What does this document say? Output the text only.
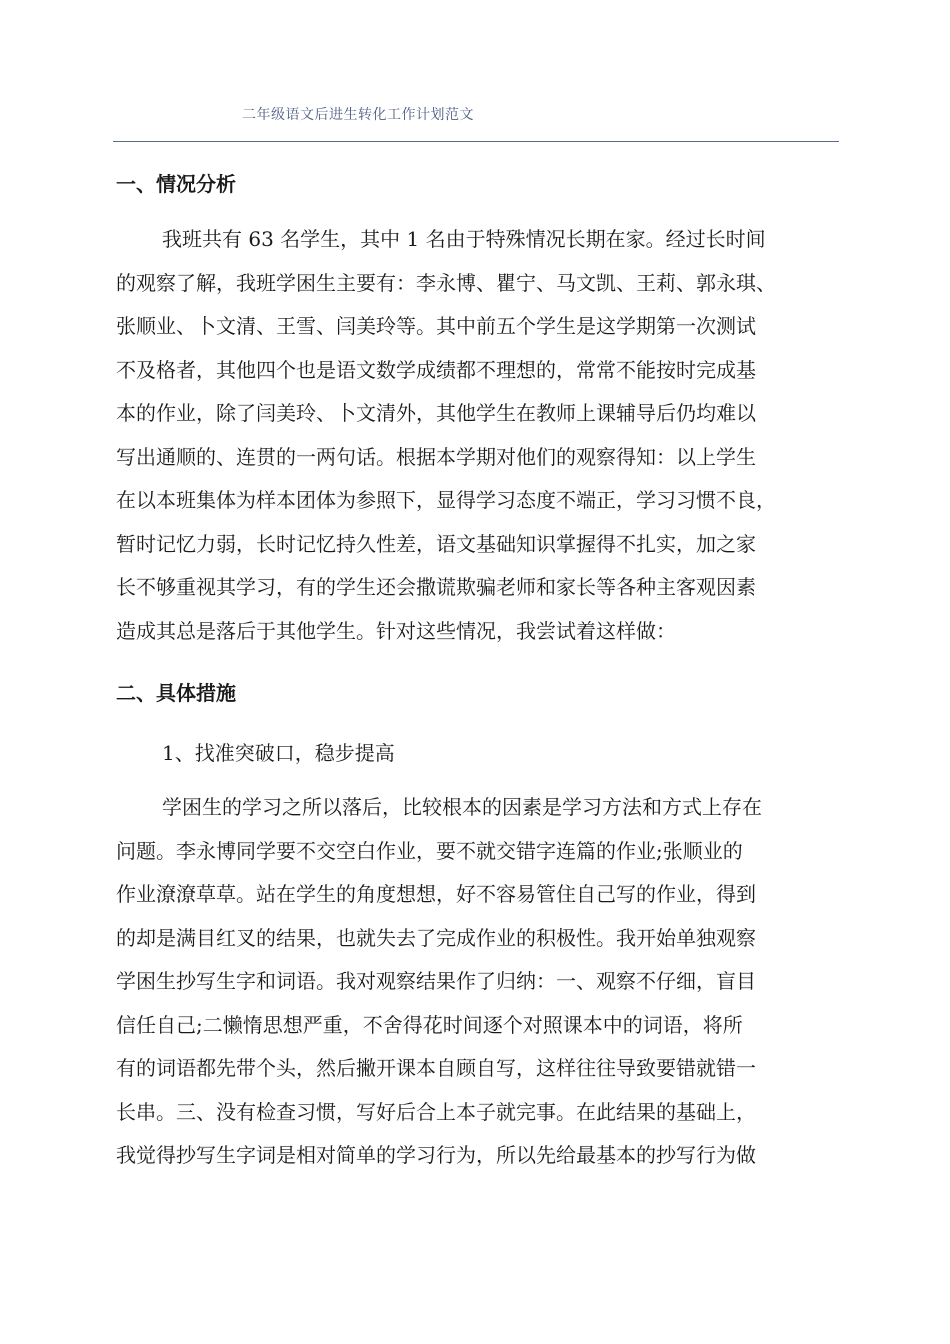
二年级语文后进生转化工作计划范文
一、情况分析
我班共有 63 名学生，其中 1 名由于特殊情况长期在家。经过长时间
的观察了解，我班学困生主要有：李永博、瞿宁、马文凯、王莉、郭永琪、
张顺业、卜文清、王雪、闫美玲等。其中前五个学生是这学期第一次测试
不及格者，其他四个也是语文数学成绩都不理想的，常常不能按时完成基
本的作业，除了闫美玲、卜文清外，其他学生在教师上课辅导后仍均难以
写出通顺的、连贯的一两句话。根据本学期对他们的观察得知：以上学生
在以本班集体为样本团体为参照下，显得学习态度不端正，学习习惯不良，
暂时记忆力弱，长时记忆持久性差，语文基础知识掌握得不扎实，加之家
长不够重视其学习，有的学生还会撒谎欺骗老师和家长等各种主客观因素
造成其总是落后于其他学生。针对这些情况，我尝试着这样做：
二、具体措施
1、找准突破口，稳步提高
学困生的学习之所以落后，比较根本的因素是学习方法和方式上存在
问题。李永博同学要不交空白作业，要不就交错字连篇的作业;张顺业的
作业潦潦草草。站在学生的角度想想，好不容易管住自己写的作业，得到
的却是满目红叉的结果，也就失去了完成作业的积极性。我开始单独观察
学困生抄写生字和词语。我对观察结果作了归纳：一、观察不仔细，盲目
信任自己;二懒惰思想严重，不舍得花时间逐个对照课本中的词语，将所
有的词语都先带个头，然后撇开课本自顾自写，这样往往导致要错就错一
长串。三、没有检查习惯，写好后合上本子就完事。在此结果的基础上，
我觉得抄写生字词是相对简单的学习行为，所以先给最基本的抄写行为做
